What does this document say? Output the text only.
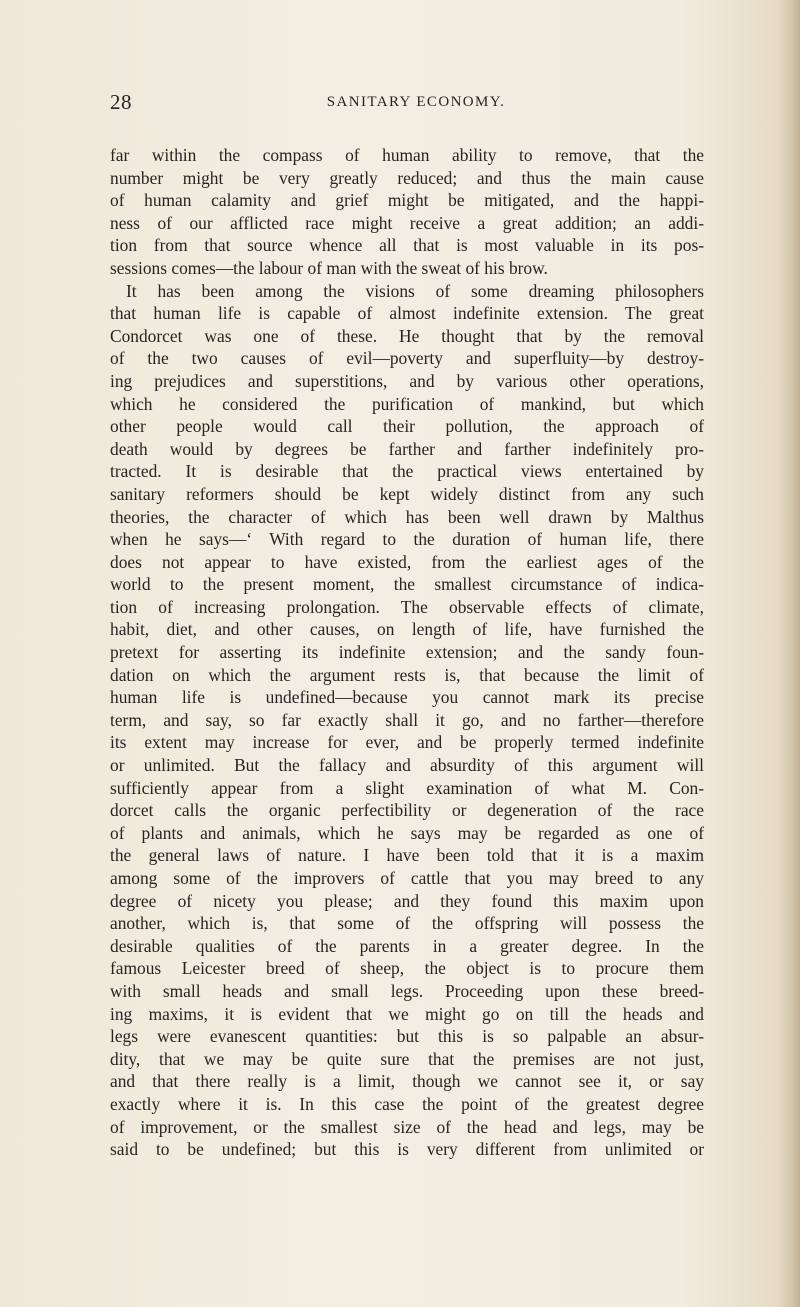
28	SANITARY ECONOMY.
far within the compass of human ability to remove, that the
number might be very greatly reduced; and thus the main cause
of human calamity and grief might be mitigated, and the happi-
ness of our afflicted race might receive a great addition; an addi-
tion from that source whence all that is most valuable in its pos-
sessions comes—the labour of man with the sweat of his brow.
It has been among the visions of some dreaming philosophers
that human life is capable of almost indefinite extension. The great
Condorcet was one of these. He thought that by the removal
of the two causes of evil—poverty and superfluity—by destroy-
ing prejudices and superstitions, and by various other operations,
which he considered the purification of mankind, but which
other people would call their pollution, the approach of
death would by degrees be farther and farther indefinitely pro-
tracted. It is desirable that the practical views entertained by
sanitary reformers should be kept widely distinct from any such
theories, the character of which has been well drawn by Malthus
when he says—‘ With regard to the duration of human life, there
does not appear to have existed, from the earliest ages of the
world to the present moment, the smallest circumstance of indica-
tion of increasing prolongation. The observable effects of climate,
habit, diet, and other causes, on length of life, have furnished the
pretext for asserting its indefinite extension; and the sandy foun-
dation on which the argument rests is, that because the limit of
human life is undefined—because you cannot mark its precise
term, and say, so far exactly shall it go, and no farther—therefore
its extent may increase for ever, and be properly termed indefinite
or unlimited. But the fallacy and absurdity of this argument will
sufficiently appear from a slight examination of what M. Con-
dorcet calls the organic perfectibility or degeneration of the race
of plants and animals, which he says may be regarded as one of
the general laws of nature. I have been told that it is a maxim
among some of the improvers of cattle that you may breed to any
degree of nicety you please; and they found this maxim upon
another, which is, that some of the offspring will possess the
desirable qualities of the parents in a greater degree. In the
famous Leicester breed of sheep, the object is to procure them
with small heads and small legs. Proceeding upon these breed-
ing maxims, it is evident that we might go on till the heads and
legs were evanescent quantities: but this is so palpable an absur-
dity, that we may be quite sure that the premises are not just,
and that there really is a limit, though we cannot see it, or say
exactly where it is. In this case the point of the greatest degree
of improvement, or the smallest size of the head and legs, may be
said to be undefined; but this is very different from unlimited or
